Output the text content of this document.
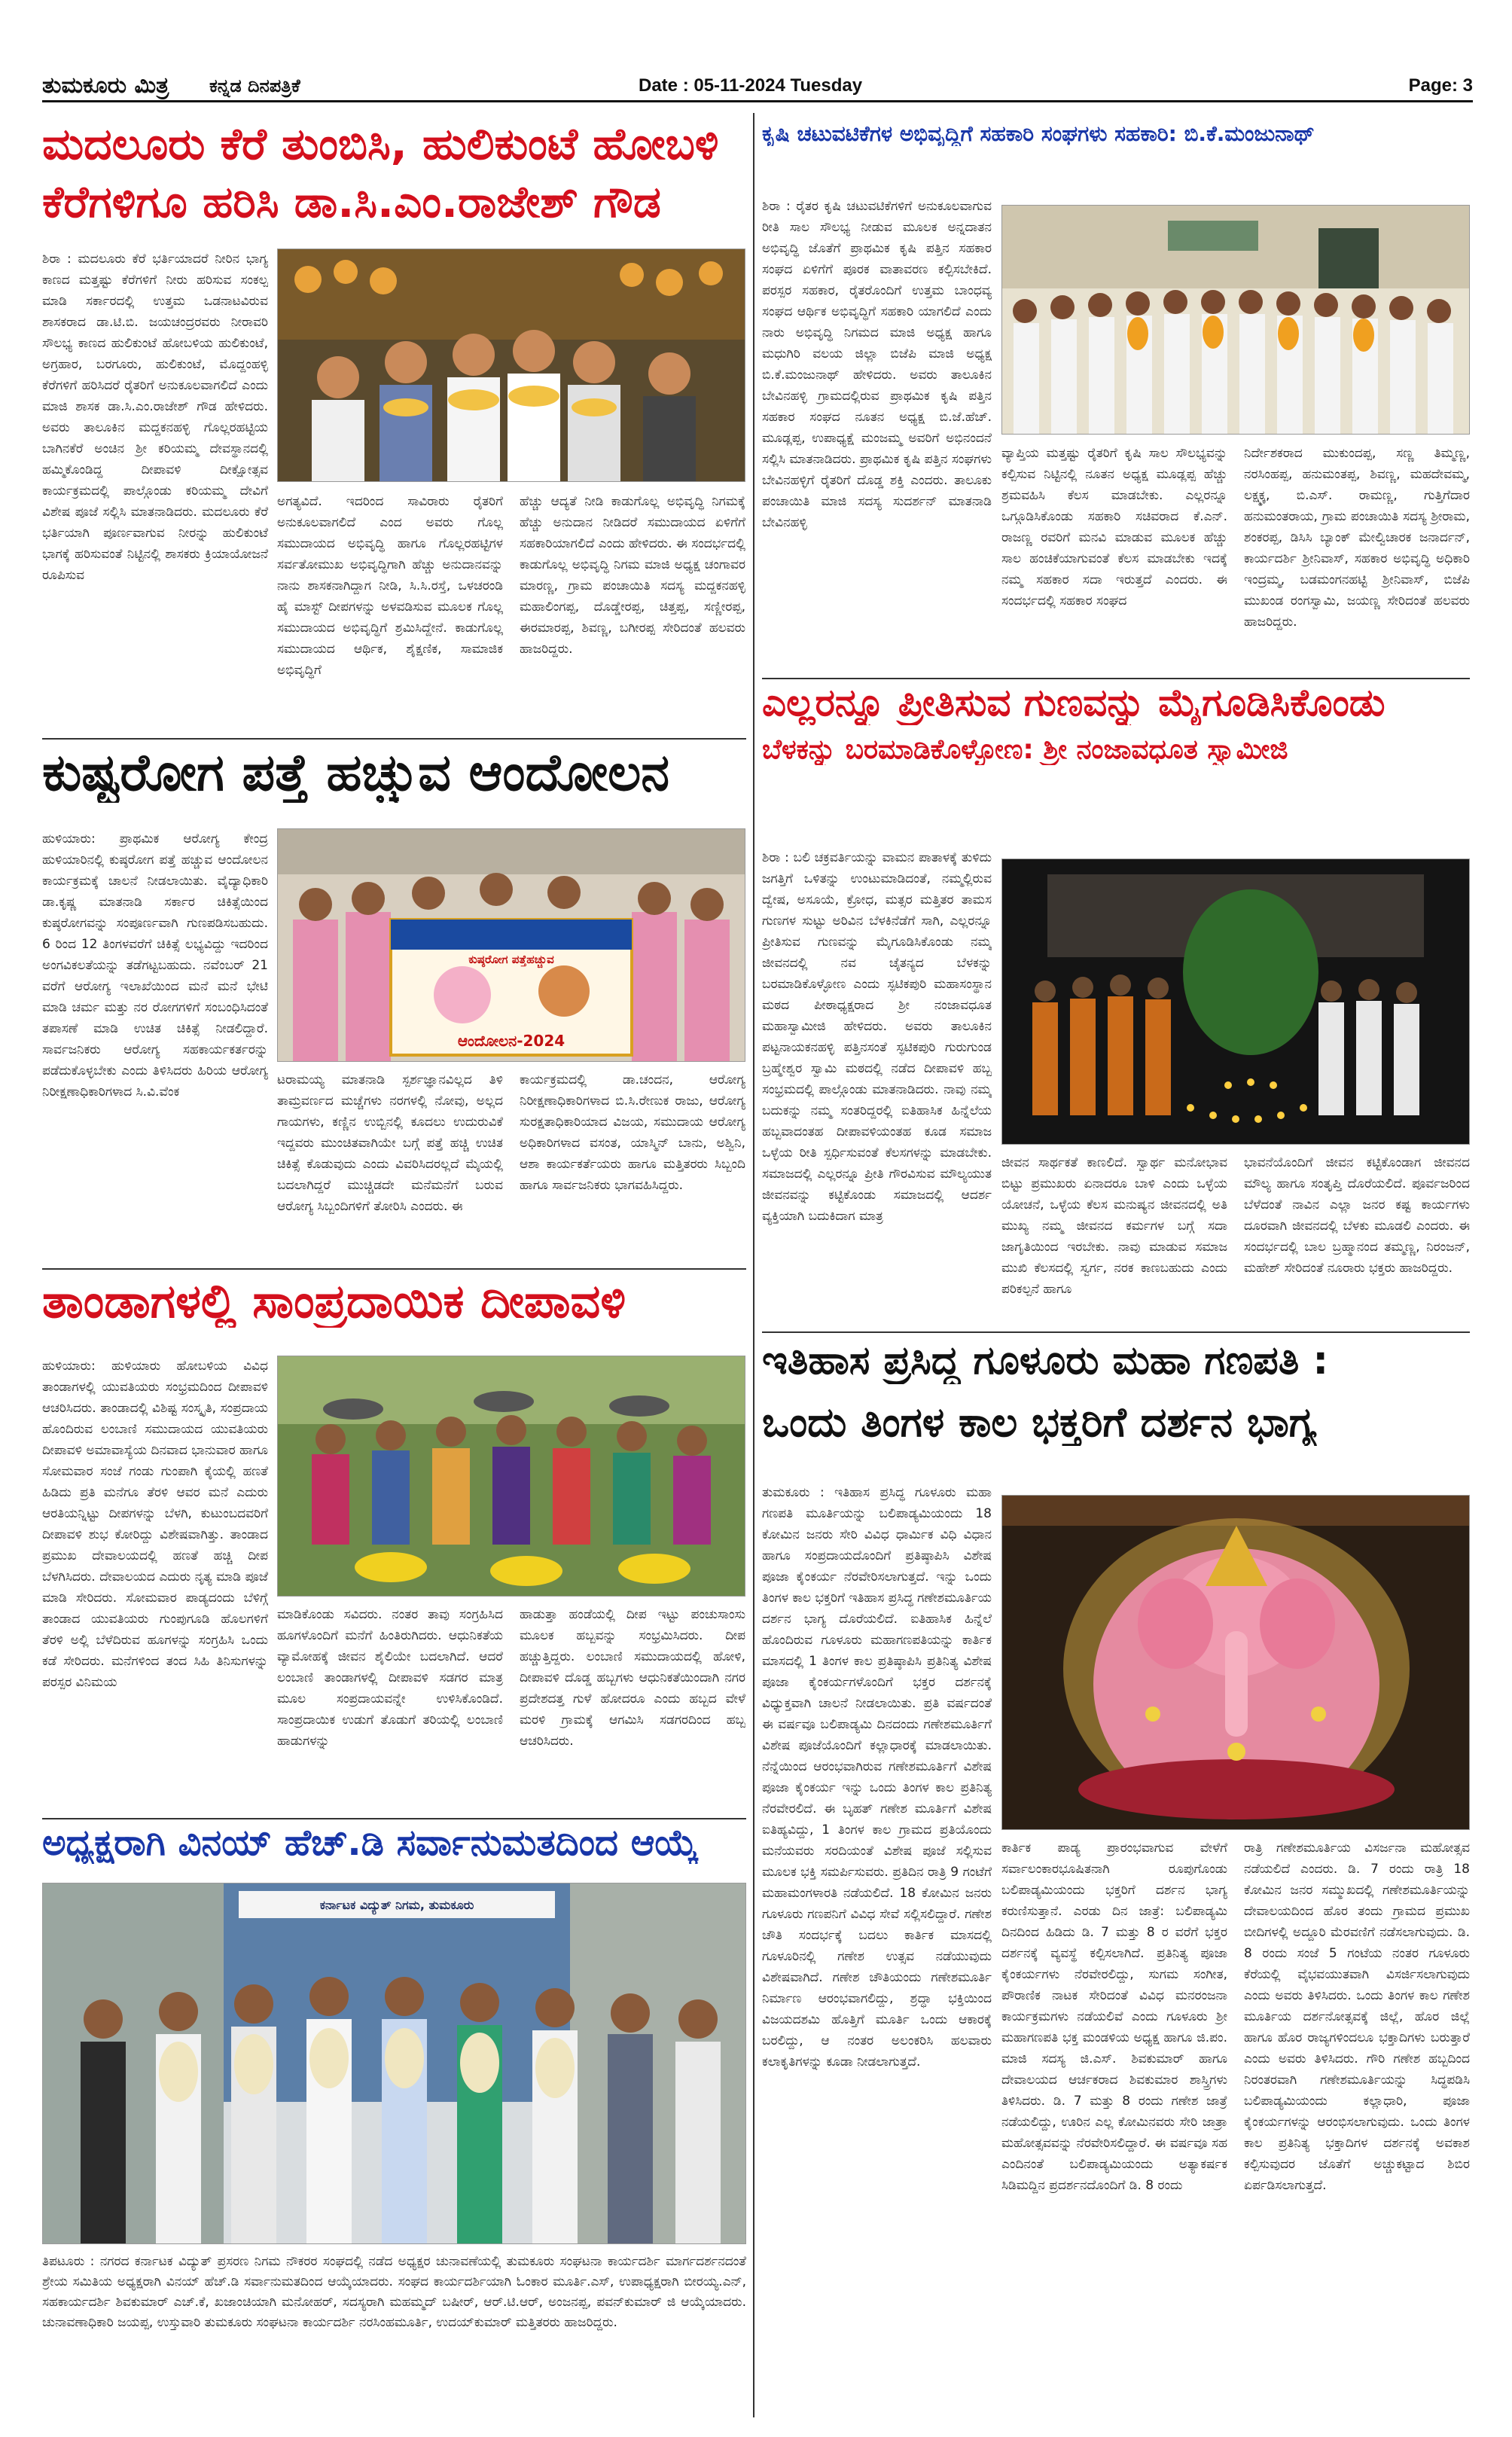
ತುಮಕೂರು ಮಿತ್ರ ಕನ್ನಡ ದಿನಪತ್ರಿಕೆ	Date : 05-11-2024 Tuesday	Page: 3
ಮದಲೂರು ಕೆರೆ ತುಂಬಿಸಿ, ಹುಲಿಕುಂಟೆ ಹೋಬಳಿ
ಕೆರೆಗಳಿಗೂ ಹರಿಸಿ ಡಾ.ಸಿ.ಎಂ.ರಾಜೇಶ್ ಗೌಡ
ಶಿರಾ : ಮದಲೂರು ಕೆರೆ ಭರ್ತಿಯಾದರೆ ನೀರಿನ ಭಾಗ್ಯ ಕಾಣದ ಮತ್ತಷ್ಟು ಕೆರೆಗಳಿಗೆ ನೀರು ಹರಿಸುವ ಸಂಕಲ್ಪ ಮಾಡಿ ಸರ್ಕಾರದಲ್ಲಿ ಉತ್ತಮ ಒಡನಾಟವಿರುವ ಶಾಸಕರಾದ ಡಾ.ಟಿ.ಬಿ. ಜಯಚಂದ್ರರವರು ನೀರಾವರಿ ಸೌಲಭ್ಯ ಕಾಣದ ಹುಲಿಕುಂಟೆ ಹೋಬಳಿಯ ಹುಲಿಕುಂಟೆ, ಅಗ್ರಹಾರ, ಬರಗೂರು, ಹುಲಿಕುಂಟೆ, ಮೊದ್ದಂಹಳ್ಳಿ ಕೆರೆಗಳಿಗೆ ಹರಿಸಿದರೆ ರೈತರಿಗೆ ಅನುಕೂಲವಾಗಲಿದೆ ಎಂದು ಮಾಜಿ ಶಾಸಕ ಡಾ.ಸಿ.ಎಂ.ರಾಜೇಶ್ ಗೌಡ ಹೇಳಿದರು. ಅವರು ತಾಲೂಕಿನ ಮದ್ದಕನಹಳ್ಳಿ ಗೊಲ್ಲರಹಟ್ಟಿಯ ಬಾಗಿನಕೆರೆ ಅಂಚಿನ ಶ್ರೀ ಕರಿಯಮ್ಮ ದೇವಸ್ಥಾನದಲ್ಲಿ ಹಮ್ಮಿಕೊಂಡಿದ್ದ ದೀಪಾವಳಿ ದೀಕ್ಷೋತ್ಸವ ಕಾರ್ಯಕ್ರಮದಲ್ಲಿ ಪಾಲ್ಗೊಂಡು ಕರಿಯಮ್ಮ ದೇವಿಗೆ ವಿಶೇಷ ಪೂಜೆ ಸಲ್ಲಿಸಿ ಮಾತನಾಡಿದರು. ಮದಲೂರು ಕೆರೆ ಭರ್ತಿಯಾಗಿ ಪೂರ್ಣವಾಗುವ ನೀರನ್ನು ಹುಲಿಕುಂಟೆ ಭಾಗಕ್ಕೆ ಹರಿಸುವಂತೆ ನಿಟ್ಟಿನಲ್ಲಿ ಶಾಸಕರು ಕ್ರಿಯಾಯೋಜನೆ ರೂಪಿಸುವ
ಅಗತ್ಯವಿದೆ. ಇದರಿಂದ ಸಾವಿರಾರು ರೈತರಿಗೆ ಅನುಕೂಲವಾಗಲಿದೆ ಎಂದ ಅವರು ಗೊಲ್ಲ ಸಮುದಾಯದ ಅಭಿವೃದ್ಧಿ ಹಾಗೂ ಗೊಲ್ಲರಹಟ್ಟಿಗಳ ಸರ್ವತೋಮುಖ ಅಭಿವೃದ್ಧಿಗಾಗಿ ಹೆಚ್ಚು ಅನುದಾನವನ್ನು ನಾನು ಶಾಸಕನಾಗಿದ್ದಾಗ ನೀಡಿ, ಸಿ.ಸಿ.ರಸ್ತೆ, ಒಳಚರಂಡಿ ಹೈ ಮಾಸ್ಟ್ ದೀಪಗಳನ್ನು ಅಳವಡಿಸುವ ಮೂಲಕ ಗೊಲ್ಲ ಸಮುದಾಯದ ಅಭಿವೃದ್ಧಿಗೆ ಶ್ರಮಿಸಿದ್ದೇನೆ. ಕಾಡುಗೊಲ್ಲ ಸಮುದಾಯದ ಆರ್ಥಿಕ, ಶೈಕ್ಷಣಿಕ, ಸಾಮಾಜಿಕ ಅಭಿವೃದ್ಧಿಗೆ
ಹೆಚ್ಚು ಆದ್ಯತೆ ನೀಡಿ ಕಾಡುಗೊಲ್ಲ ಅಭಿವೃದ್ಧಿ ನಿಗಮಕ್ಕೆ ಹೆಚ್ಚು ಅನುದಾನ ನೀಡಿದರೆ ಸಮುದಾಯದ ಏಳಿಗೆಗೆ ಸಹಕಾರಿಯಾಗಲಿದೆ ಎಂದು ಹೇಳಿದರು. ಈ ಸಂದರ್ಭದಲ್ಲಿ ಕಾಡುಗೊಲ್ಲ ಅಭಿವೃದ್ಧಿ ನಿಗಮ ಮಾಜಿ ಅಧ್ಯಕ್ಷ ಚಂಗಾವರ ಮಾರಣ್ಣ, ಗ್ರಾಮ ಪಂಚಾಯಿತಿ ಸದಸ್ಯ ಮದ್ದಕನಹಳ್ಳಿ ಮಹಾಲಿಂಗಪ್ಪ, ದೊಡ್ಡೇರಪ್ಪ, ಚಿತ್ತಪ್ಪ, ಸಣ್ಣೀರಪ್ಪ, ಈರಮಾರಪ್ಪ, ಶಿವಣ್ಣ, ಬಗೀರಪ್ಪ ಸೇರಿದಂತೆ ಹಲವರು ಹಾಜರಿದ್ದರು.
ಕುಷ್ಟರೋಗ ಪತ್ತೆ ಹಚ್ಚುವ ಆಂದೋಲನ
ಹುಳಿಯಾರು: ಪ್ರಾಥಮಿಕ ಆರೋಗ್ಯ ಕೇಂದ್ರ ಹುಳಿಯಾರಿನಲ್ಲಿ ಕುಷ್ಠರೋಗ ಪತ್ತೆ ಹಚ್ಚುವ ಆಂದೋಲನ ಕಾರ್ಯಕ್ರಮಕ್ಕೆ ಚಾಲನೆ ನೀಡಲಾಯಿತು. ವೈದ್ಯಾಧಿಕಾರಿ ಡಾ.ಕೃಷ್ಣ ಮಾತನಾಡಿ ಸರ್ಕಾರ ಚಿಕಿತ್ಸೆಯಿಂದ ಕುಷ್ಠರೋಗವನ್ನು ಸಂಪೂರ್ಣವಾಗಿ ಗುಣಪಡಿಸಬಹುದು. 6 ರಿಂದ 12 ತಿಂಗಳವರೆಗೆ ಚಿಕಿತ್ಸೆ ಲಭ್ಯವಿದ್ದು ಇದರಿಂದ ಅಂಗವಿಕಲತೆಯನ್ನು ತಡೆಗಟ್ಟಬಹುದು. ನವೆಂಬರ್ 21 ವರೆಗೆ ಆರೋಗ್ಯ ಇಲಾಖೆಯಿಂದ ಮನೆ ಮನೆ ಭೇಟಿ ಮಾಡಿ ಚರ್ಮ ಮತ್ತು ನರ ರೋಗಗಳಿಗೆ ಸಂಬಂಧಿಸಿದಂತೆ ತಪಾಸಣೆ ಮಾಡಿ ಉಚಿತ ಚಿಕಿತ್ಸೆ ನೀಡಲಿದ್ದಾರೆ. ಸಾರ್ವಜನಿಕರು ಆರೋಗ್ಯ ಸಹಕಾರ್ಯಕರ್ತರನ್ನು ಪಡೆದುಕೊಳ್ಳಬೇಕು ಎಂದು ತಿಳಿಸಿದರು ಹಿರಿಯ ಆರೋಗ್ಯ ನಿರೀಕ್ಷಣಾಧಿಕಾರಿಗಳಾದ ಸಿ.ವಿ.ವೆಂಕ
ಕುಷ್ಠರೋಗ ಪತ್ತೆಹಚ್ಚುವ
ಆಂದೋಲನ-2024
ಟರಾಮಯ್ಯ ಮಾತನಾಡಿ ಸ್ಪರ್ಶಜ್ಞಾನವಿಲ್ಲದ ತಿಳಿ ತಾಮ್ರವರ್ಣದ ಮಚ್ಚೆಗಳು ನರಗಳಲ್ಲಿ ನೋವು, ಅಲ್ಲದ ಗಾಯಗಳು, ಕಣ್ಣಿನ ಉಬ್ಬಿನಲ್ಲಿ ಕೂದಲು ಉದುರುವಿಕೆ ಇದ್ದವರು ಮುಂಚಿತವಾಗಿಯೇ ಬಗ್ಗೆ ಪತ್ತೆ ಹಚ್ಚಿ ಉಚಿತ ಚಿಕಿತ್ಸೆ ಕೊಡುವುದು ಎಂದು ವಿವರಿಸಿದರಲ್ಲದೆ ಮೈಯಲ್ಲಿ ಬದಲಾಗಿದ್ದರೆ ಮುಚ್ಚಿಡದೇ ಮನೆಮನೆಗೆ ಬರುವ ಆರೋಗ್ಯ ಸಿಬ್ಬಂದಿಗಳಿಗೆ ತೋರಿಸಿ ಎಂದರು. ಈ
ಕಾರ್ಯಕ್ರಮದಲ್ಲಿ ಡಾ.ಚಂದನ, ಆರೋಗ್ಯ ನಿರೀಕ್ಷಣಾಧಿಕಾರಿಗಳಾದ ಬಿ.ಸಿ.ರೇಣುಕ ರಾಜು, ಆರೋಗ್ಯ ಸುರಕ್ಷತಾಧಿಕಾರಿಯಾದ ವಿಜಯ, ಸಮುದಾಯ ಆರೋಗ್ಯ ಅಧಿಕಾರಿಗಳಾದ ವಸಂತ, ಯಾಸ್ಮಿನ್ ಬಾನು, ಅಶ್ವಿನಿ, ಆಶಾ ಕಾರ್ಯಕರ್ತೆಯರು ಹಾಗೂ ಮತ್ತಿತರರು ಸಿಬ್ಬಂದಿ ಹಾಗೂ ಸಾರ್ವಜನಿಕರು ಭಾಗವಹಿಸಿದ್ದರು.
ತಾಂಡಾಗಳಲ್ಲಿ ಸಾಂಪ್ರದಾಯಿಕ ದೀಪಾವಳಿ
ಹುಳಿಯಾರು: ಹುಳಿಯಾರು ಹೋಬಳಿಯ ವಿವಿಧ ತಾಂಡಾಗಳಲ್ಲಿ ಯುವತಿಯರು ಸಂಭ್ರಮದಿಂದ ದೀಪಾವಳಿ ಆಚರಿಸಿದರು. ತಾಂಡಾದಲ್ಲಿ ವಿಶಿಷ್ಟ ಸಂಸ್ಕೃತಿ, ಸಂಪ್ರದಾಯ ಹೊಂದಿರುವ ಲಂಬಾಣಿ ಸಮುದಾಯದ ಯುವತಿಯರು ದೀಪಾವಳಿ ಅಮಾವಾಸ್ಯೆಯ ದಿನವಾದ ಭಾನುವಾರ ಹಾಗೂ ಸೋಮವಾರ ಸಂಜೆ ಗಂಡು ಗುಂಪಾಗಿ ಕೈಯಲ್ಲಿ ಹಣತೆ ಹಿಡಿದು ಪ್ರತಿ ಮನೆಗೂ ತೆರಳಿ ಆವರ ಮನೆ ಎದುರು ಆರತಿಯನ್ನಿಟ್ಟು ದೀಪಗಳನ್ನು ಬೆಳಗಿ, ಕುಟುಂಬದವರಿಗೆ ದೀಪಾವಳಿ ಶುಭ ಕೋರಿದ್ದು ವಿಶೇಷವಾಗಿತ್ತು. ತಾಂಡಾದ ಪ್ರಮುಖ ದೇವಾಲಯದಲ್ಲಿ ಹಣತೆ ಹಚ್ಚಿ ದೀಪ ಬೆಳಗಿಸಿದರು. ದೇವಾಲಯದ ಎದುರು ನೃತ್ಯ ಮಾಡಿ ಪೂಜೆ ಮಾಡಿ ಸೇರಿದರು. ಸೋಮವಾರ ಪಾಡ್ಯದಂದು ಬೆಳಿಗ್ಗೆ ತಾಂಡಾದ ಯುವತಿಯರು ಗುಂಪುಗೂಡಿ ಹೊಲಗಳಿಗೆ ತೆರಳಿ ಅಲ್ಲಿ ಬೆಳೆದಿರುವ ಹೂಗಳನ್ನು ಸಂಗ್ರಹಿಸಿ ಒಂದು ಕಡೆ ಸೇರಿದರು. ಮನೆಗಳಿಂದ ತಂದ ಸಿಹಿ ತಿನಿಸುಗಳನ್ನು ಪರಸ್ಪರ ವಿನಿಮಯ
ಮಾಡಿಕೊಂಡು ಸವಿದರು. ನಂತರ ತಾವು ಸಂಗ್ರಹಿಸಿದ ಹೂಗಳೊಂದಿಗೆ ಮನೆಗೆ ಹಿಂತಿರುಗಿದರು. ಆಧುನಿಕತೆಯ ವ್ಯಾಮೋಹಕ್ಕೆ ಜೀವನ ಶೈಲಿಯೇ ಬದಲಾಗಿದೆ. ಆದರೆ ಲಂಬಾಣಿ ತಾಂಡಾಗಳಲ್ಲಿ ದೀಪಾವಳಿ ಸಡಗರ ಮಾತ್ರ ಮೂಲ ಸಂಪ್ರದಾಯವನ್ನೇ ಉಳಿಸಿಕೊಂಡಿದೆ. ಸಾಂಪ್ರದಾಯಿಕ ಉಡುಗೆ ತೊಡುಗೆ ತರಿಯಲ್ಲಿ ಲಂಬಾಣಿ ಹಾಡುಗಳನ್ನು
ಹಾಡುತ್ತಾ ಹಂಡೆಯಲ್ಲಿ ದೀಪ ಇಟ್ಟು ಪಂಚುಸಾಂಸು ಮೂಲಕ ಹಬ್ಬವನ್ನು ಸಂಭ್ರಮಿಸಿದರು. ದೀಪ ಹಚ್ಚುತ್ತಿದ್ದರು. ಲಂಬಾಣಿ ಸಮುದಾಯದಲ್ಲಿ ಹೋಳಿ, ದೀಪಾವಳಿ ದೊಡ್ಡ ಹಬ್ಬಗಳು ಆಧುನಿಕತೆಯಿಂದಾಗಿ ನಗರ ಪ್ರದೇಶದತ್ತ ಗುಳೆ ಹೋದರೂ ಎಂದು ಹಬ್ಬದ ವೇಳೆ ಮರಳಿ ಗ್ರಾಮಕ್ಕೆ ಆಗಮಿಸಿ ಸಡಗರದಿಂದ ಹಬ್ಬ ಆಚರಿಸಿದರು.
ಅಧ್ಯಕ್ಷರಾಗಿ ವಿನಯ್ ಹೆಚ್.ಡಿ ಸರ್ವಾನುಮತದಿಂದ ಆಯ್ಕೆ
ಕರ್ನಾಟಕ ವಿದ್ಯುತ್ ನಿಗಮ, ತುಮಕೂರು
ತಿಪಟೂರು : ನಗರದ ಕರ್ನಾಟಕ ವಿದ್ಯುತ್ ಪ್ರಸರಣ ನಿಗಮ ನೌಕರರ ಸಂಘದಲ್ಲಿ ನಡೆದ ಅಧ್ಯಕ್ಷರ ಚುನಾವಣೆಯಲ್ಲಿ ತುಮಕೂರು ಸಂಘಟನಾ ಕಾರ್ಯದರ್ಶಿ ಮಾರ್ಗದರ್ಶನದಂತೆ ಶ್ರೇಯ ಸಮಿತಿಯ ಅಧ್ಯಕ್ಷರಾಗಿ ವಿನಯ್ ಹೆಚ್.ಡಿ ಸರ್ವಾನುಮತದಿಂದ ಆಯ್ಕೆಯಾದರು. ಸಂಘದ ಕಾರ್ಯದರ್ಶಿಯಾಗಿ ಓಂಕಾರ ಮೂರ್ತಿ.ಎಸ್, ಉಪಾಧ್ಯಕ್ಷರಾಗಿ ಬೀರಯ್ಯ.ಎನ್, ಸಹಕಾರ್ಯದರ್ಶಿ ಶಿವಕುಮಾರ್ ಎಚ್.ಕೆ, ಖಜಾಂಚಿಯಾಗಿ ಮನೋಹರ್, ಸದಸ್ಯರಾಗಿ ಮಹಮ್ಮದ್ ಬಷೀರ್, ಆರ್.ಟಿ.ಆರ್, ಅಂಜನಪ್ಪ, ಪವನ್‌ಕುಮಾರ್ ಜಿ ಆಯ್ಕೆಯಾದರು. ಚುನಾವಣಾಧಿಕಾರಿ ಜಯಪ್ಪ, ಉಸ್ತುವಾರಿ ತುಮಕೂರು ಸಂಘಟನಾ ಕಾರ್ಯದರ್ಶಿ ನರಸಿಂಹಮೂರ್ತಿ, ಉದಯ್‌ಕುಮಾರ್ ಮತ್ತಿತರರು ಹಾಜರಿದ್ದರು.
ಕೃಷಿ ಚಟುವಟಿಕೆಗಳ ಅಭಿವೃದ್ಧಿಗೆ ಸಹಕಾರಿ ಸಂಘಗಳು ಸಹಕಾರಿ: ಬಿ.ಕೆ.ಮಂಜುನಾಥ್
ಶಿರಾ : ರೈತರ ಕೃಷಿ ಚಟುವಟಿಕೆಗಳಿಗೆ ಅನುಕೂಲವಾಗುವ ರೀತಿ ಸಾಲ ಸೌಲಭ್ಯ ನೀಡುವ ಮೂಲಕ ಅನ್ನದಾತನ ಅಭಿವೃದ್ಧಿ ಜೊತೆಗೆ ಪ್ರಾಥಮಿಕ ಕೃಷಿ ಪತ್ತಿನ ಸಹಕಾರ ಸಂಘದ ಏಳಿಗೆಗೆ ಪೂರಕ ವಾತಾವರಣ ಕಲ್ಪಿಸಬೇಕಿದೆ. ಪರಸ್ಪರ ಸಹಕಾರ, ರೈತರೊಂದಿಗೆ ಉತ್ತಮ ಬಾಂಧವ್ಯ ಸಂಘದ ಆರ್ಥಿಕ ಅಭಿವೃದ್ಧಿಗೆ ಸಹಕಾರಿ ಯಾಗಲಿದೆ ಎಂದು ನಾರು ಅಭಿವೃದ್ಧಿ ನಿಗಮದ ಮಾಜಿ ಅಧ್ಯಕ್ಷ ಹಾಗೂ ಮಧುಗಿರಿ ವಲಯ ಜಿಲ್ಲಾ ಬಿಜೆಪಿ ಮಾಜಿ ಅಧ್ಯಕ್ಷ ಬಿ.ಕೆ.ಮಂಜುನಾಥ್ ಹೇಳಿದರು. ಅವರು ತಾಲೂಕಿನ ಬೇವಿನಹಳ್ಳಿ ಗ್ರಾಮದಲ್ಲಿರುವ ಪ್ರಾಥಮಿಕ ಕೃಷಿ ಪತ್ತಿನ ಸಹಕಾರ ಸಂಘದ ನೂತನ ಅಧ್ಯಕ್ಷ ಬಿ.ಜೆ.ಹೆಚ್. ಮೂಡ್ಲಪ್ಪ, ಉಪಾಧ್ಯಕ್ಷೆ ಮಂಜಮ್ಮ ಅವರಿಗೆ ಅಭಿನಂದನೆ ಸಲ್ಲಿಸಿ ಮಾತನಾಡಿದರು. ಪ್ರಾಥಮಿಕ ಕೃಷಿ ಪತ್ತಿನ ಸಂಘಗಳು ಬೇವಿನಹಳ್ಳಿಗೆ ರೈತರಿಗೆ ದೊಡ್ಡ ಶಕ್ತಿ ಎಂದರು. ತಾಲೂಕು ಪಂಚಾಯಿತಿ ಮಾಜಿ ಸದಸ್ಯ ಸುದರ್ಶನ್ ಮಾತನಾಡಿ ಬೇವಿನಹಳ್ಳಿ
ವ್ಯಾಪ್ತಿಯ ಮತ್ತಷ್ಟು ರೈತರಿಗೆ ಕೃಷಿ ಸಾಲ ಸೌಲಭ್ಯವನ್ನು ಕಲ್ಪಿಸುವ ನಿಟ್ಟಿನಲ್ಲಿ ನೂತನ ಅಧ್ಯಕ್ಷ ಮೂಡ್ಲಪ್ಪ ಹೆಚ್ಚು ಶ್ರಮವಹಿಸಿ ಕೆಲಸ ಮಾಡಬೇಕು. ಎಲ್ಲರನ್ನೂ ಒಗ್ಗೂಡಿಸಿಕೊಂಡು ಸಹಕಾರಿ ಸಚಿವರಾದ ಕೆ.ಎನ್. ರಾಜಣ್ಣ ರವರಿಗೆ ಮನವಿ ಮಾಡುವ ಮೂಲಕ ಹೆಚ್ಚು ಸಾಲ ಹಂಚಿಕೆಯಾಗುವಂತೆ ಕೆಲಸ ಮಾಡಬೇಕು ಇದಕ್ಕೆ ನಮ್ಮ ಸಹಕಾರ ಸದಾ ಇರುತ್ತದೆ ಎಂದರು. ಈ ಸಂದರ್ಭದಲ್ಲಿ ಸಹಕಾರ ಸಂಘದ
ನಿರ್ದೇಶಕರಾದ ಮುಕುಂದಪ್ಪ, ಸಣ್ಣ ತಿಮ್ಮಣ್ಣ, ನರಸಿಂಹಪ್ಪ, ಹನುಮಂತಪ್ಪ, ಶಿವಣ್ಣ, ಮಹದೇವಮ್ಮ, ಲಕ್ಷ್ಮಕ್ಕ, ಬಿ.ಎಸ್. ರಾಮಣ್ಣ, ಗುತ್ತಿಗೆದಾರ ಹನುಮಂತರಾಯ, ಗ್ರಾಮ ಪಂಚಾಯಿತಿ ಸದಸ್ಯ ಶ್ರೀರಾಮ, ಶಂಕರಪ್ಪ, ಡಿಸಿಸಿ ಬ್ಯಾಂಕ್ ಮೇಲ್ವಿಚಾರಕ ಜನಾರ್ದನ್, ಕಾರ್ಯದರ್ಶಿ ಶ್ರೀನಿವಾಸ್, ಸಹಕಾರ ಅಭಿವೃದ್ಧಿ ಅಧಿಕಾರಿ ಇಂದ್ರಮ್ಮ, ಬಡಮಂಗನಹಟ್ಟಿ ಶ್ರೀನಿವಾಸ್, ಬಿಜೆಪಿ ಮುಖಂಡ ರಂಗಸ್ವಾಮಿ, ಜಯಣ್ಣ ಸೇರಿದಂತೆ ಹಲವರು ಹಾಜರಿದ್ದರು.
ಎಲ್ಲರನ್ನೂ ಪ್ರೀತಿಸುವ ಗುಣವನ್ನು ಮೈಗೂಡಿಸಿಕೊಂಡು
ಬೆಳಕನ್ನು ಬರಮಾಡಿಕೊಳ್ಳೋಣ: ಶ್ರೀ ನಂಜಾವಧೂತ ಸ್ವಾಮೀಜಿ
ಶಿರಾ : ಬಲಿ ಚಕ್ರವರ್ತಿಯನ್ನು ವಾಮನ ಪಾತಾಳಕ್ಕೆ ತುಳಿದು ಜಗತ್ತಿಗೆ ಒಳಿತನ್ನು ಉಂಟುಮಾಡಿದಂತೆ, ನಮ್ಮಲ್ಲಿರುವ ದ್ವೇಷ, ಅಸೂಯೆ, ಕ್ರೋಧ, ಮತ್ಸರ ಮತ್ತಿತರ ತಾಮಸ ಗುಣಗಳ ಸುಟ್ಟು ಅರಿವಿನ ಬೆಳಕಿನೆಡೆಗೆ ಸಾಗಿ, ಎಲ್ಲರನ್ನೂ ಪ್ರೀತಿಸುವ ಗುಣವನ್ನು ಮೈಗೂಡಿಸಿಕೊಂಡು ನಮ್ಮ ಜೀವನದಲ್ಲಿ ನವ ಚೈತನ್ಯದ ಬೆಳಕನ್ನು ಬರಮಾಡಿಕೊಳ್ಳೋಣ ಎಂದು ಸ್ಫಟಿಕಪುರಿ ಮಹಾಸಂಸ್ಥಾನ ಮಠದ ಪೀಠಾಧ್ಯಕ್ಷರಾದ ಶ್ರೀ ನಂಜಾವಧೂತ ಮಹಾಸ್ವಾಮೀಜಿ ಹೇಳಿದರು. ಅವರು ತಾಲೂಕಿನ ಪಟ್ಟನಾಯಕನಹಳ್ಳಿ ಪತ್ತಿನಸಂತೆ ಸ್ಫಟಿಕಪುರಿ ಗುರುಗುಂಡ ಬ್ರಹ್ಮೇಶ್ವರ ಸ್ವಾಮಿ ಮಠದಲ್ಲಿ ನಡೆದ ದೀಪಾವಳಿ ಹಬ್ಬ ಸಂಭ್ರಮದಲ್ಲಿ ಪಾಲ್ಗೊಂಡು ಮಾತನಾಡಿದರು. ನಾವು ನಮ್ಮ ಬದುಕನ್ನು ನಮ್ಮ ಸಂತರಿದ್ದರಲ್ಲಿ ಐತಿಹಾಸಿಕ ಹಿನ್ನೆಲೆಯ ಹಬ್ಬವಾದಂತಹ ದೀಪಾವಳಿಯಂತಹ ಕೂಡ ಸಮಾಜ ಒಳ್ಳೆಯ ರೀತಿ ಸ್ಪರ್ಧಿಸುವಂತೆ ಕೆಲಸಗಳನ್ನು ಮಾಡಬೇಕು. ಸಮಾಜದಲ್ಲಿ ಎಲ್ಲರನ್ನೂ ಪ್ರೀತಿ ಗೌರವಿಸುವ ಮೌಲ್ಯಯುತ ಜೀವನವನ್ನು ಕಟ್ಟಿಕೊಂಡು ಸಮಾಜದಲ್ಲಿ ಆದರ್ಶ ವ್ಯಕ್ತಿಯಾಗಿ ಬದುಕಿದಾಗ ಮಾತ್ರ
ಜೀವನ ಸಾರ್ಥಕತೆ ಕಾಣಲಿದೆ. ಸ್ವಾರ್ಥ ಮನೋಭಾವ ಬಿಟ್ಟು ಪ್ರಮುಖರು ಏನಾದರೂ ಬಾಳಿ ಎಂದು ಒಳ್ಳೆಯ ಯೋಚನೆ, ಒಳ್ಳೆಯ ಕೆಲಸ ಮನುಷ್ಯನ ಜೀವನದಲ್ಲಿ ಅತಿ ಮುಖ್ಯ ನಮ್ಮ ಜೀವನದ ಕರ್ಮಗಳ ಬಗ್ಗೆ ಸದಾ ಜಾಗೃತಿಯಿಂದ ಇರಬೇಕು. ನಾವು ಮಾಡುವ ಸಮಾಜ ಮುಖಿ ಕೆಲಸದಲ್ಲಿ ಸ್ವರ್ಗ, ನರಕ ಕಾಣಬಹುದು ಎಂದು ಪರಿಕಲ್ಪನೆ ಹಾಗೂ
ಭಾವನೆಯೊಂದಿಗೆ ಜೀವನ ಕಟ್ಟಿಕೊಂಡಾಗ ಜೀವನದ ಮೌಲ್ಯ ಹಾಗೂ ಸಂತೃಪ್ತಿ ದೊರೆಯಲಿದೆ. ಪೂರ್ವಜರಿಂದ ಬೆಳೆದಂತೆ ನಾವಿನ ಎಲ್ಲಾ ಜನರ ಕಷ್ಟ ಕಾರ್ಯಗಳು ದೂರವಾಗಿ ಜೀವನದಲ್ಲಿ ಬೆಳಕು ಮೂಡಲಿ ಎಂದರು. ಈ ಸಂದರ್ಭದಲ್ಲಿ ಬಾಲ ಬ್ರಹ್ಮಾನಂದ ತಮ್ಮಣ್ಣ, ನಿರಂಜನ್, ಮಹೇಶ್ ಸೇರಿದಂತೆ ನೂರಾರು ಭಕ್ತರು ಹಾಜರಿದ್ದರು.
ಇತಿಹಾಸ ಪ್ರಸಿದ್ಧ ಗೂಳೂರು ಮಹಾ ಗಣಪತಿ :
ಒಂದು ತಿಂಗಳ ಕಾಲ ಭಕ್ತರಿಗೆ ದರ್ಶನ ಭಾಗ್ಯ
ತುಮಕೂರು : ಇತಿಹಾಸ ಪ್ರಸಿದ್ಧ ಗೂಳೂರು ಮಹಾ ಗಣಪತಿ ಮೂರ್ತಿಯನ್ನು ಬಲಿಪಾಡ್ಯಮಿಯಂದು 18 ಕೋಮಿನ ಜನರು ಸೇರಿ ವಿವಿಧ ಧಾರ್ಮಿಕ ವಿಧಿ ವಿಧಾನ ಹಾಗೂ ಸಂಪ್ರದಾಯದೊಂದಿಗೆ ಪ್ರತಿಷ್ಠಾಪಿಸಿ ವಿಶೇಷ ಪೂಜಾ ಕೈಂಕರ್ಯ ನೆರವೇರಿಸಲಾಗುತ್ತದೆ. ಇನ್ನು ಒಂದು ತಿಂಗಳ ಕಾಲ ಭಕ್ತರಿಗೆ ಇತಿಹಾಸ ಪ್ರಸಿದ್ಧ ಗಣೇಶಮೂರ್ತಿಯ ದರ್ಶನ ಭಾಗ್ಯ ದೊರೆಯಲಿದೆ. ಐತಿಹಾಸಿಕ ಹಿನ್ನೆಲೆ ಹೊಂದಿರುವ ಗೂಳೂರು ಮಹಾಗಣಪತಿಯನ್ನು ಕಾರ್ತಿಕ ಮಾಸದಲ್ಲಿ 1 ತಿಂಗಳ ಕಾಲ ಪ್ರತಿಷ್ಠಾಪಿಸಿ ಪ್ರತಿನಿತ್ಯ ವಿಶೇಷ ಪೂಜಾ ಕೈಂಕರ್ಯಗಳೊಂದಿಗೆ ಭಕ್ತರ ದರ್ಶನಕ್ಕೆ ವಿಧ್ಯುಕ್ತವಾಗಿ ಚಾಲನೆ ನೀಡಲಾಯಿತು. ಪ್ರತಿ ವರ್ಷದಂತೆ ಈ ವರ್ಷವೂ ಬಲಿಪಾಡ್ಯಮಿ ದಿನದಂದು ಗಣೇಶಮೂರ್ತಿಗೆ ವಿಶೇಷ ಪೂಜೆಯೊಂದಿಗೆ ಕಲ್ಲಾಧಾರಕ್ಕೆ ಮಾಡಲಾಯಿತು. ನೆನ್ನೆಯಿಂದ ಆರಂಭವಾಗಿರುವ ಗಣೇಶಮೂರ್ತಿಗೆ ವಿಶೇಷ ಪೂಜಾ ಕೈಂಕರ್ಯ ಇನ್ನು ಒಂದು ತಿಂಗಳ ಕಾಲ ಪ್ರತಿನಿತ್ಯ ನೆರವೇರಲಿದೆ. ಈ ಬೃಹತ್ ಗಣೇಶ ಮೂರ್ತಿಗೆ ವಿಶೇಷ ಐತಿಹ್ಯವಿದ್ದು, 1 ತಿಂಗಳ ಕಾಲ ಗ್ರಾಮದ ಪ್ರತಿಯೊಂದು ಮನೆಯವರು ಸರದಿಯಂತೆ ವಿಶೇಷ ಪೂಜೆ ಸಲ್ಲಿಸುವ ಮೂಲಕ ಭಕ್ತಿ ಸಮರ್ಪಿಸುವರು. ಪ್ರತಿದಿನ ರಾತ್ರಿ 9 ಗಂಟೆಗೆ ಮಹಾಮಂಗಳಾರತಿ ನಡೆಯಲಿದೆ. 18 ಕೋಮಿನ ಜನರು ಗೂಳೂರು ಗಣಪನಿಗೆ ವಿವಿಧ ಸೇವೆ ಸಲ್ಲಿಸಲಿದ್ದಾರೆ. ಗಣೇಶ ಚೌತಿ ಸಂದರ್ಭಕ್ಕೆ ಬದಲು ಕಾರ್ತಿಕ ಮಾಸದಲ್ಲಿ ಗೂಳೂರಿನಲ್ಲಿ ಗಣೇಶ ಉತ್ಸವ ನಡೆಯುವುದು ವಿಶೇಷವಾಗಿದೆ. ಗಣೇಶ ಚೌತಿಯಂದು ಗಣೇಶಮೂರ್ತಿ ನಿರ್ಮಾಣ ಆರಂಭವಾಗಲಿದ್ದು, ಶ್ರದ್ಧಾ ಭಕ್ತಿಯಿಂದ ವಿಜಯದಶಮಿ ಹೊತ್ತಿಗೆ ಮೂರ್ತಿ ಒಂದು ಆಕಾರಕ್ಕೆ ಬರಲಿದ್ದು, ಆ ನಂತರ ಅಲಂಕರಿಸಿ ಹಲವಾರು ಕಲಾಕೃತಿಗಳನ್ನು ಕೂಡಾ ನೀಡಲಾಗುತ್ತದೆ.
ಕಾರ್ತಿಕ ಪಾಡ್ಯ ಪ್ರಾರಂಭವಾಗುವ ವೇಳೆಗೆ ಸರ್ವಾಲಂಕಾರಭೂಷಿತನಾಗಿ ರೂಪುಗೊಂಡು ಬಲಿಪಾಡ್ಯಮಿಯಂದು ಭಕ್ತರಿಗೆ ದರ್ಶನ ಭಾಗ್ಯ ಕರುಣಿಸುತ್ತಾನೆ. ಎರಡು ದಿನ ಜಾತ್ರೆ: ಬಲಿಪಾಡ್ಯಮಿ ದಿನದಿಂದ ಹಿಡಿದು ಡಿ. 7 ಮತ್ತು 8 ರ ವರೆಗೆ ಭಕ್ತರ ದರ್ಶನಕ್ಕೆ ವ್ಯವಸ್ಥೆ ಕಲ್ಪಿಸಲಾಗಿದೆ. ಪ್ರತಿನಿತ್ಯ ಪೂಜಾ ಕೈಂಕರ್ಯಗಳು ನೆರವೇರಲಿದ್ದು, ಸುಗಮ ಸಂಗೀತ, ಪೌರಾಣಿಕ ನಾಟಕ ಸೇರಿದಂತೆ ವಿವಿಧ ಮನರಂಜನಾ ಕಾರ್ಯಕ್ರಮಗಳು ನಡೆಯಲಿವೆ ಎಂದು ಗೂಳೂರು ಶ್ರೀ ಮಹಾಗಣಪತಿ ಭಕ್ತ ಮಂಡಳಿಯ ಅಧ್ಯಕ್ಷ ಹಾಗೂ ಜಿ.ಪಂ. ಮಾಜಿ ಸದಸ್ಯ ಜಿ.ಎಸ್. ಶಿವಕುಮಾರ್ ಹಾಗೂ ದೇವಾಲಯದ ಆರ್ಚಕರಾದ ಶಿವಕುಮಾರ ಶಾಸ್ತ್ರಿಗಳು ತಿಳಿಸಿದರು. ಡಿ. 7 ಮತ್ತು 8 ರಂದು ಗಣೇಶ ಜಾತ್ರೆ ನಡೆಯಲಿದ್ದು, ಊರಿನ ಎಲ್ಲ ಕೋಮಿನವರು ಸೇರಿ ಜಾತ್ರಾ ಮಹೋತ್ಸವವನ್ನು ನೆರವೇರಿಸಲಿದ್ದಾರೆ. ಈ ವರ್ಷವೂ ಸಹ ಎಂದಿನಂತೆ ಬಲಿಪಾಡ್ಯಮಿಯಂದು ಅತ್ಯಾಕರ್ಷಕ ಸಿಡಿಮದ್ದಿನ ಪ್ರದರ್ಶನದೊಂದಿಗೆ ಡಿ. 8 ರಂದು
ರಾತ್ರಿ ಗಣೇಶಮೂರ್ತಿಯ ವಿಸರ್ಜನಾ ಮಹೋತ್ಸವ ನಡೆಯಲಿದೆ ಎಂದರು. ಡಿ. 7 ರಂದು ರಾತ್ರಿ 18 ಕೋಮಿನ ಜನರ ಸಮ್ಮುಖದಲ್ಲಿ ಗಣೇಶಮೂರ್ತಿಯನ್ನು ದೇವಾಲಯದಿಂದ ಹೊರ ತಂದು ಗ್ರಾಮದ ಪ್ರಮುಖ ಬೀದಿಗಳಲ್ಲಿ ಅದ್ದೂರಿ ಮೆರವಣಿಗೆ ನಡೆಸಲಾಗುವುದು. ಡಿ. 8 ರಂದು ಸಂಜೆ 5 ಗಂಟೆಯ ನಂತರ ಗೂಳೂರು ಕೆರೆಯಲ್ಲಿ ವೈಭವಯುತವಾಗಿ ವಿಸರ್ಜಿಸಲಾಗುವುದು ಎಂದು ಅವರು ತಿಳಿಸಿದರು. ಒಂದು ತಿಂಗಳ ಕಾಲ ಗಣೇಶ ಮೂರ್ತಿಯ ದರ್ಶನೋತ್ಸವಕ್ಕೆ ಜಿಲ್ಲೆ, ಹೊರ ಜಿಲ್ಲೆ ಹಾಗೂ ಹೊರ ರಾಜ್ಯಗಳಿಂದಲೂ ಭಕ್ತಾದಿಗಳು ಬರುತ್ತಾರೆ ಎಂದು ಅವರು ತಿಳಿಸಿದರು. ಗೌರಿ ಗಣೇಶ ಹಬ್ಬದಿಂದ ನಿರಂತರವಾಗಿ ಗಣೇಶಮೂರ್ತಿಯನ್ನು ಸಿದ್ಧಪಡಿಸಿ ಬಲಿಪಾಡ್ಯಮಿಯಂದು ಕಲ್ಲಾಧಾರಿ, ಪೂಜಾ ಕೈಂಕರ್ಯಗಳನ್ನು ಆರಂಭಿಸಲಾಗುವುದು. ಒಂದು ತಿಂಗಳ ಕಾಲ ಪ್ರತಿನಿತ್ಯ ಭಕ್ತಾದಿಗಳ ದರ್ಶನಕ್ಕೆ ಅವಕಾಶ ಕಲ್ಪಿಸುವುದರ ಜೊತೆಗೆ ಅಚ್ಚುಕಟ್ಟಾದ ಶಿಬಿರ ಏರ್ಪಡಿಸಲಾಗುತ್ತದೆ.
